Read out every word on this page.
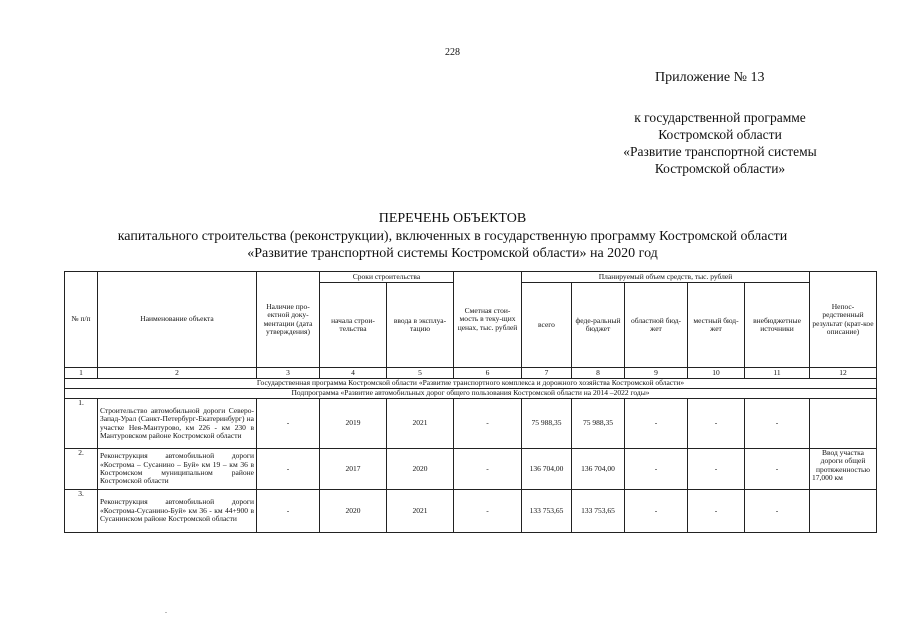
228
Приложение № 13
к государственной программе
Костромской области
«Развитие транспортной системы
Костромской области»
ПЕРЕЧЕНЬ ОБЪЕКТОВ
капитального строительства (реконструкции), включенных в государственную программу Костромской области
«Развитие транспортной системы Костромской области» на 2020 год
№ п/п	Наименование объекта	Наличие про-ектной доку-ментации (дата утверждения)	Сроки строительства		Сметная стои-мость в теку-щих ценах, тыс. рублей	Планируемый объем средств, тыс. рублей					Непос-редственный результат (крат-кое описание)
			начала строи-тельства	ввода в эксплуа-тацию		всего	феде-ральный бюджет	областной бюд-жет	местный бюд-жет	внебюджетные источники	
1	2	3	4	5	6	7	8	9	10	11	12
Государственная программа Костромской области «Развитие транспортного комплекса и дорожного хозяйства Костромской области»											
Подпрограмма «Развитие автомобильных дорог общего пользования Костромской области на 2014 –2022 годы»											
1.	Строительство автомобильной дороги Северо-Запад-Урал (Санкт-Петербург-Екатеринбург) на участке Нея-Мантурово, км 226 - км 230 в Мантуровском районе Костромской области	-	2019	2021	-	75 988,35	75 988,35	-	-	-	
2.	Реконструкция автомобильной дороги «Кострома – Сусанино – Буй» км 19 – км 36 в Костромском муниципальном районе Костромской области	-	2017	2020	-	136 704,00	136 704,00	-	-	-	Ввод участка дороги общей протяженностью 17,000 км
3.	Реконструкция автомобильной дороги «Кострома-Сусанино-Буй» км 36 - км 44+900 в Сусанинском районе Костромской области	-	2020	2021	-	133 753,65	133 753,65	-	-	-	
